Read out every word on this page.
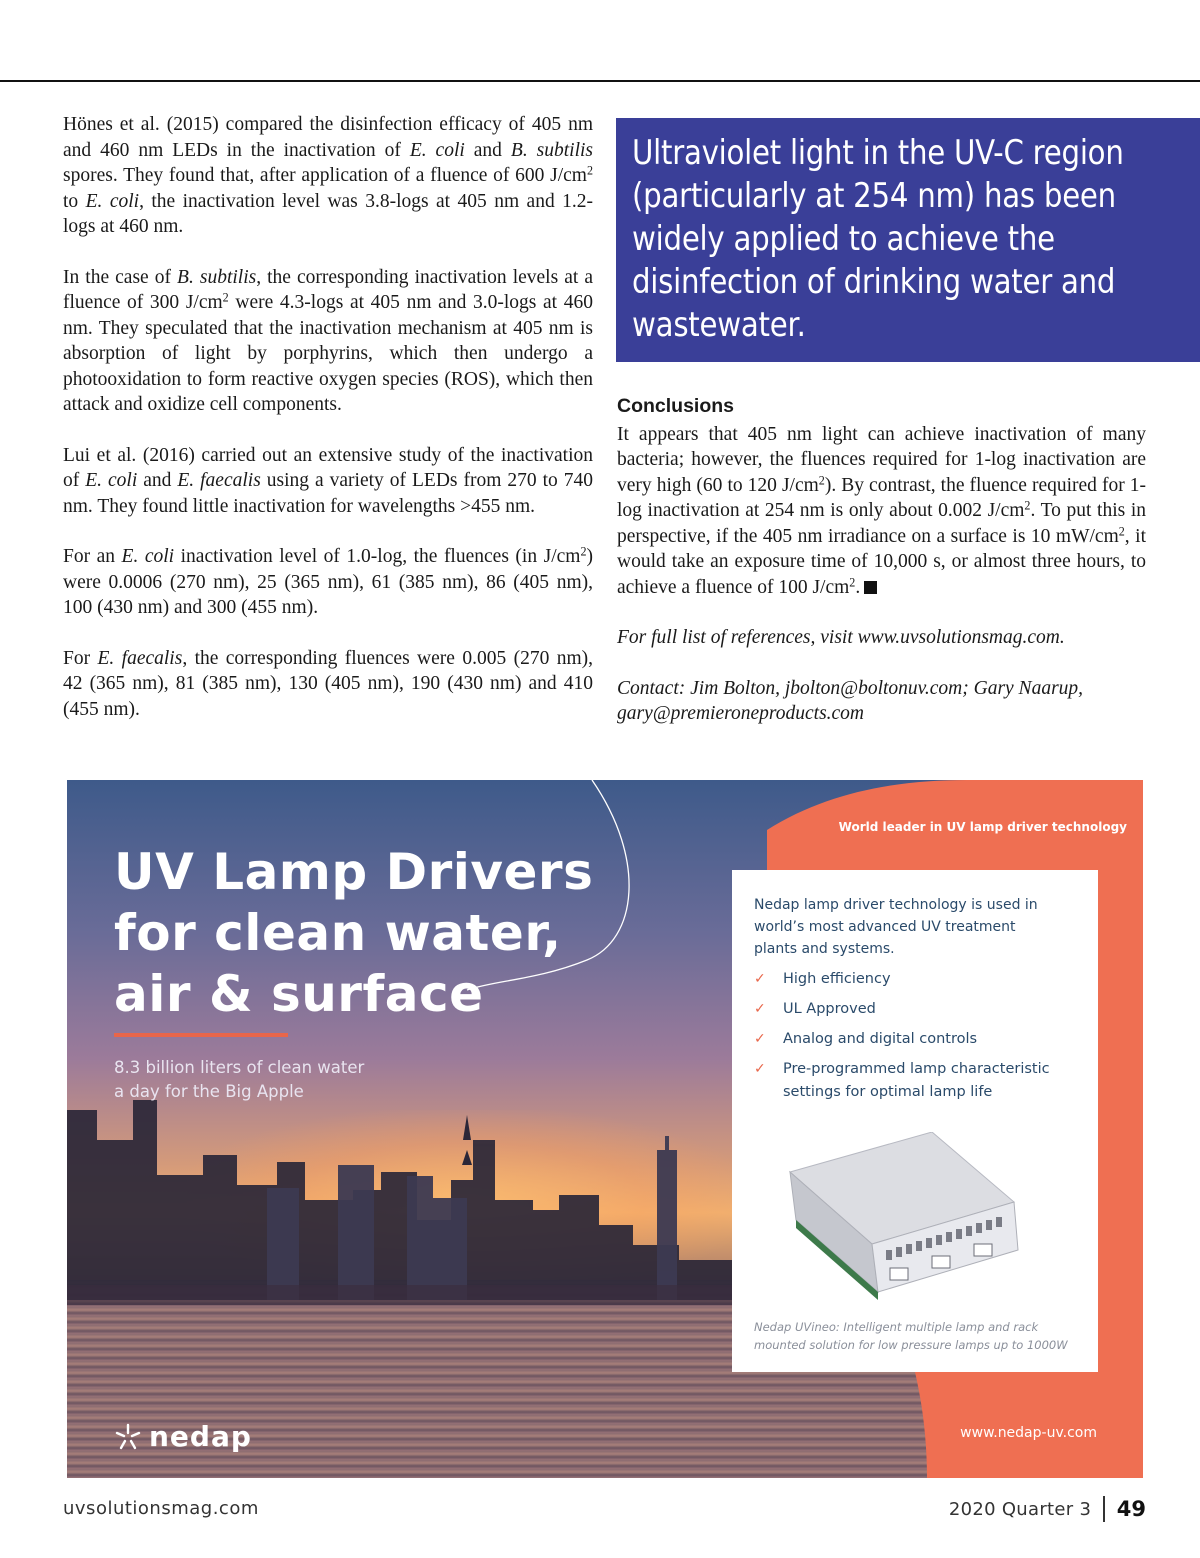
Hönes et al. (2015) compared the disinfection efficacy of 405 nm and 460 nm LEDs in the inactivation of E. coli and B. subtilis spores. They found that, after application of a fluence of 600 $J/cm^2$ to E. coli, the inactivation level was 3.8-logs at 405 nm and 1.2-logs at 460 nm.

In the case of B. subtilis, the corresponding inactivation levels at a fluence of 300 $J/cm^2$ were 4.3-logs at 405 nm and 3.0-logs at 460 nm. They speculated that the inactivation mechanism at 405 nm is absorption of light by porphyrins, which then undergo a photooxidation to form reactive oxygen species (ROS), which then attack and oxidize cell components.

Lui et al. (2016) carried out an extensive study of the inactivation of E. coli and E. faecalis using a variety of LEDs from 270 to 740 nm. They found little inactivation for wavelengths >455 nm.

For an E. coli inactivation level of 1.0-log, the fluences (in $J/cm^2$) were 0.0006 (270 nm), 25 (365 nm), 61 (385 nm), 86 (405 nm), 100 (430 nm) and 300 (455 nm).

For E. faecalis, the corresponding fluences were 0.005 (270 nm), 42 (365 nm), 81 (385 nm), 130 (405 nm), 190 (430 nm) and 410 (455 nm).

Ultraviolet light in the UV-C region (particularly at 254 nm) has been widely applied to achieve the disinfection of drinking water and wastewater.
Conclusions

It appears that 405 nm light can achieve inactivation of many bacteria; however, the fluences required for 1-log inactivation are very high (60 to 120 $J/cm^2$). By contrast, the fluence required for 1-log inactivation at 254 nm is only about 0.002 $J/cm^2$. To put this in perspective, if the 405 nm irradiance on a surface is 10 $mW/cm^2$, it would take an exposure time of 10,000 s, or almost three hours, to achieve a fluence of 100 $J/cm^2$.

For full list of references, visit www.uvsolutionsmag.com.

Contact: Jim Bolton, jbolton@boltonuv.com; Gary Naarup, gary@premieroneproducts.com

UV Lamp Drivers for clean water, air & surface
8.3 billion liters of clean water a day for the Big Apple
World leader in UV lamp driver technology

Nedap lamp driver technology is used in world’s most advanced UV treatment plants and systems.

✓ High efficiency
✓ UL Approved
✓ Analog and digital controls
✓ Pre-programmed lamp characteristic settings for optimal lamp life
Nedap UVineo: Intelligent multiple lamp and rack mounted solution for low pressure lamps up to 1000W
nedap	www.nedap-uv.com
uvsolutionsmag.com	2020 Quarter 3 49
